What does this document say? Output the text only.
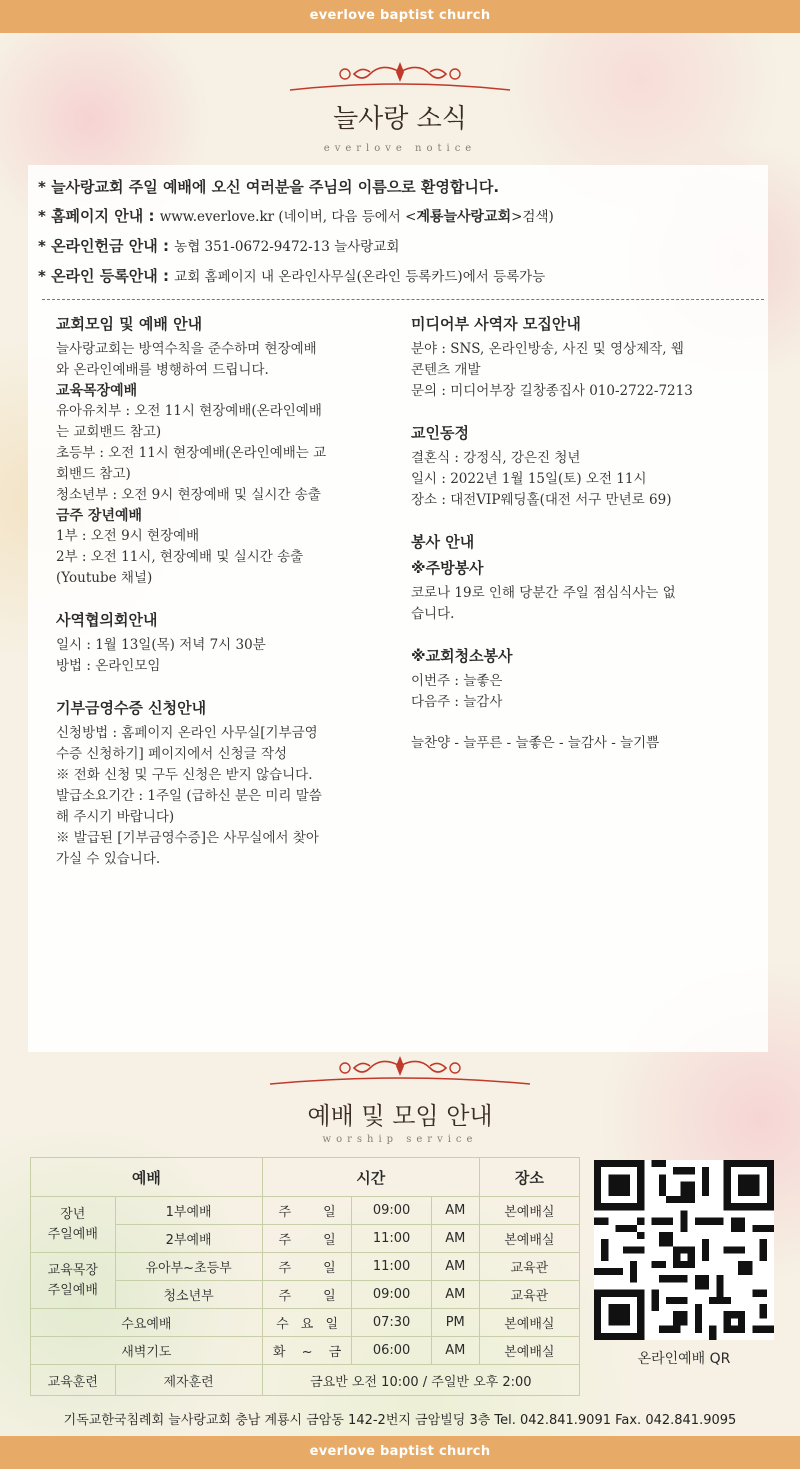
everlove baptist church
늘사랑 소식
everlove notice
* 늘사랑교회 주일 예배에 오신 여러분을 주님의 이름으로 환영합니다.
* 홈페이지 안내 : www.everlove.kr (네이버, 다음 등에서 <계룡늘사랑교회>검색)
* 온라인헌금 안내 : 농협 351-0672-9472-13 늘사랑교회
* 온라인 등록안내 : 교회 홈페이지 내 온라인사무실(온라인 등록카드)에서 등록가능

교회모임 및 예배 안내

늘사랑교회는 방역수칙을 준수하며 현장예배

와 온라인예배를 병행하여 드립니다.

교육목장예배

유아유치부 : 오전 11시 현장예배(온라인예배

는 교회밴드 참고)

초등부 : 오전 11시 현장예배(온라인예배는 교

회밴드 참고)

청소년부 : 오전 9시 현장예배 및 실시간 송출

금주 장년예배

1부 : 오전 9시 현장예배

2부 : 오전 11시, 현장예배 및 실시간 송출

(Youtube 채널)

사역협의회안내

일시 : 1월 13일(목) 저녁 7시 30분

방법 : 온라인모임

기부금영수증 신청안내

신청방법 : 홈페이지 온라인 사무실[기부금영

수증 신청하기] 페이지에서 신청글 작성

※ 전화 신청 및 구두 신청은 받지 않습니다.

발급소요기간 : 1주일 (급하신 분은 미리 말씀

해 주시기 바랍니다)

※ 발급된 [기부금영수증]은 사무실에서 찾아

가실 수 있습니다.

미디어부 사역자 모집안내

분야 : SNS, 온라인방송, 사진 및 영상제작, 웹

콘텐츠 개발

문의 : 미디어부장 길창종집사 010-2722-7213

교인동정

결혼식 : 강정식, 강은진 청년

일시 : 2022년 1월 15일(토) 오전 11시

장소 : 대전VIP웨딩홀(대전 서구 만년로 69)

봉사 안내

※주방봉사

코로나 19로 인해 당분간 주일 점심식사는 없

습니다.

※교회청소봉사

이번주 : 늘좋은

다음주 : 늘감사

늘찬양 - 늘푸른 - 늘좋은 - 늘감사 - 늘기쁨

예배 및 모임 안내
worship service
예배		시간			장소
장년
주일예배	1부예배	주 일	09:00	AM	본예배실
	2부예배	주 일	11:00	AM	본예배실
교육목장
주일예배	유아부~초등부	주 일	11:00	AM	교육관
	청소년부	주 일	09:00	AM	교육관
수요예배		수 요 일	07:30	PM	본예배실
새벽기도		화 ~ 금	06:00	AM	본예배실
교육훈련	제자훈련	금요반 오전 10:00 / 주일반 오후 2:00			
온라인예배 QR
기독교한국침례회 늘사랑교회 충남 계룡시 금암동 142-2번지 금암빌딩 3층 Tel. 042.841.9091 Fax. 042.841.9095
everlove baptist church
